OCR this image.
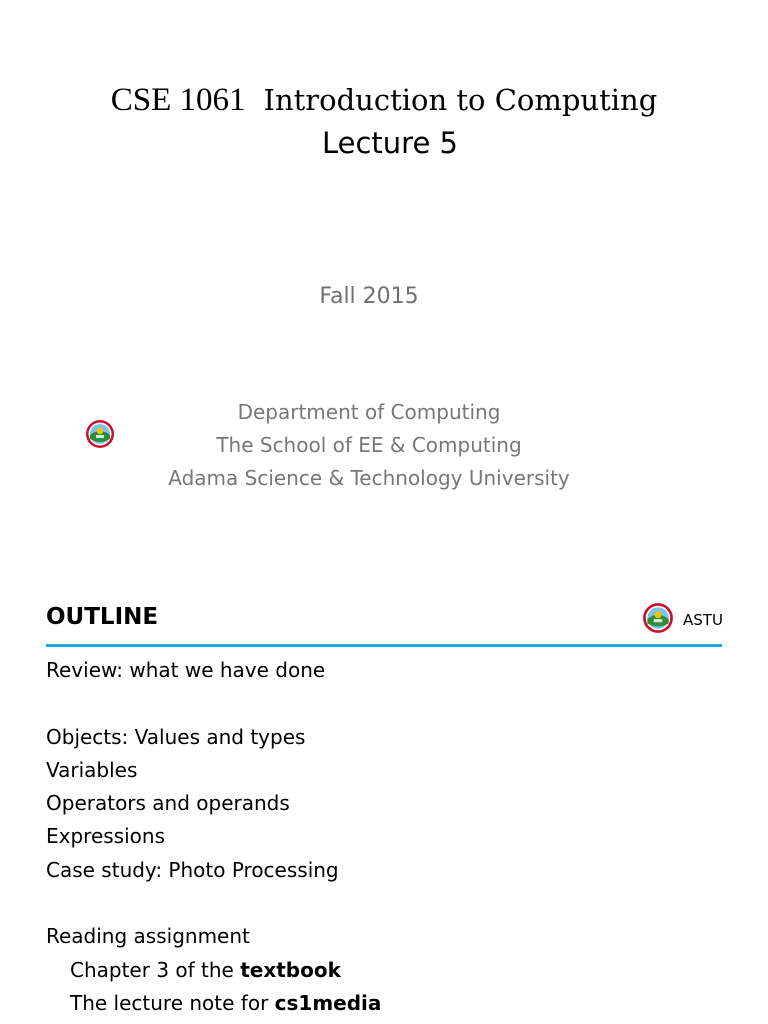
CSE 1061 Introduction to Computing
Lecture 5
Fall 2015
Department of Computing
The School of EE & Computing
Adama Science & Technology University
OUTLINE	ASTU
Review: what we have done
Objects: Values and types
Variables
Operators and operands
Expressions
Case study: Photo Processing
Reading assignment
Chapter 3 of the textbook
The lecture note for cs1media
